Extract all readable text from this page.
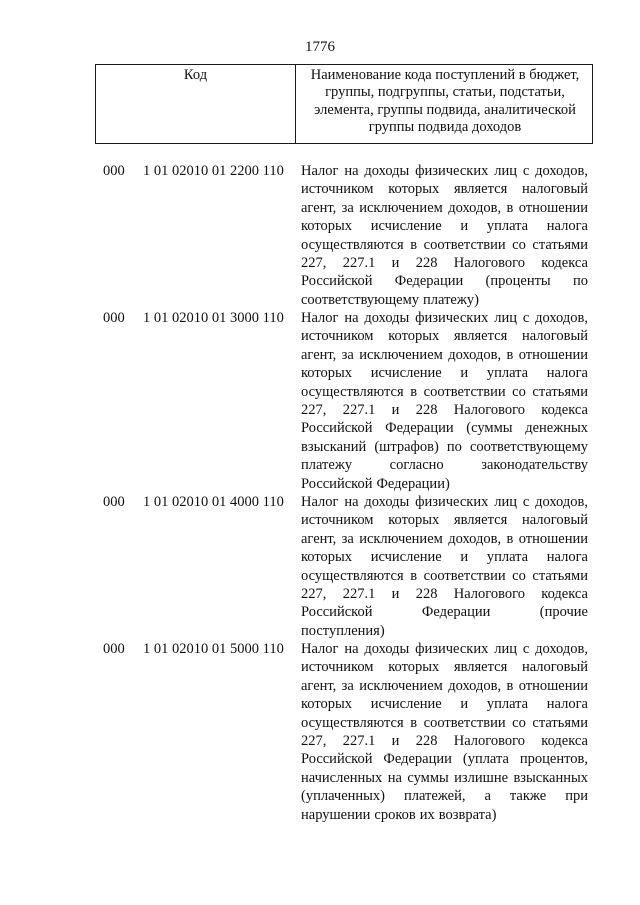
1776
Код	Наименование кода поступлений в бюджет,
группы, подгруппы, статьи, подстатьи,
элемента, группы подвида, аналитической
группы подвида доходов
000 1 01 02010 01 2200 110 Налог на доходы физических лиц с доходов,
источником которых является налоговый
агент, за исключением доходов, в отношении
которых исчисление и уплата налога
осуществляются в соответствии со статьями
227, 227.1 и 228 Налогового кодекса
Российской Федерации (проценты по
соответствующему платежу)
000 1 01 02010 01 3000 110 Налог на доходы физических лиц с доходов,
источником которых является налоговый
агент, за исключением доходов, в отношении
которых исчисление и уплата налога
осуществляются в соответствии со статьями
227, 227.1 и 228 Налогового кодекса
Российской Федерации (суммы денежных
взысканий (штрафов) по соответствующему
платежу	согласно	законодательству
Российской Федерации)
000 1 01 02010 01 4000 110 Налог на доходы физических лиц с доходов,
источником которых является налоговый
агент, за исключением доходов, в отношении
которых исчисление и уплата налога
осуществляются в соответствии со статьями
227, 227.1 и 228 Налогового кодекса
Российской	Федерации	(прочие
поступления)
000 1 01 02010 01 5000 110 Налог на доходы физических лиц с доходов,
источником которых является налоговый
агент, за исключением доходов, в отношении
которых исчисление и уплата налога
осуществляются в соответствии со статьями
227, 227.1 и 228 Налогового кодекса
Российской Федерации (уплата процентов,
начисленных на суммы излишне взысканных
(уплаченных) платежей, а также при
нарушении сроков их возврата)
